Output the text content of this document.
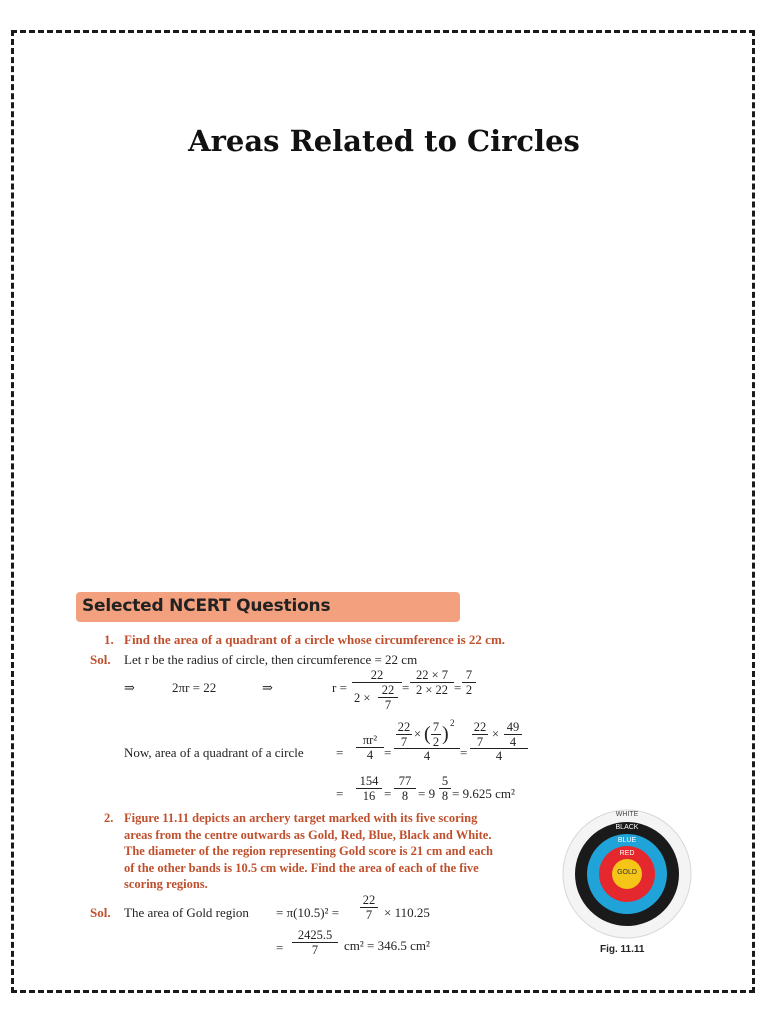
Areas Related to Circles
Selected NCERT Questions
1. Find the area of a quadrant of a circle whose circumference is 22 cm.
Sol. Let r be the radius of circle, then circumference = 22 cm
⇒	2πr = 22	⇒	$r = \frac{22}{2 \times \frac{22}{7}} = \frac{22 \times 7}{2 \times 22} = \frac{7}{2}$
Now, area of a quadrant of a circle = $\frac{\text{πr²}}{4}$ =
22
7
× ( 7
2 ) 2
4	= 22
7
× 49
4
4
= $\frac{154}{16} = \frac{77}{8} = 9 \frac{5}{8} = 9.625$ cm²
2. Figure 11.11 depicts an archery target marked with its five scoring
areas from the centre outwards as Gold, Red, Blue, Black and White.
The diameter of the region representing Gold score is 21 cm and each
of the other bands is 10.5 cm wide. Find the area of each of the five
scoring regions.
Sol. The area of Gold region = $\pi(10.5)^2 = \frac{22}{7} \times 110.25$
= $\frac{2425.5}{7} cm^2 = 346.5$ cm²
WHITE
BLACK
BLUE
RED
GOLD
Fig. 11.11
